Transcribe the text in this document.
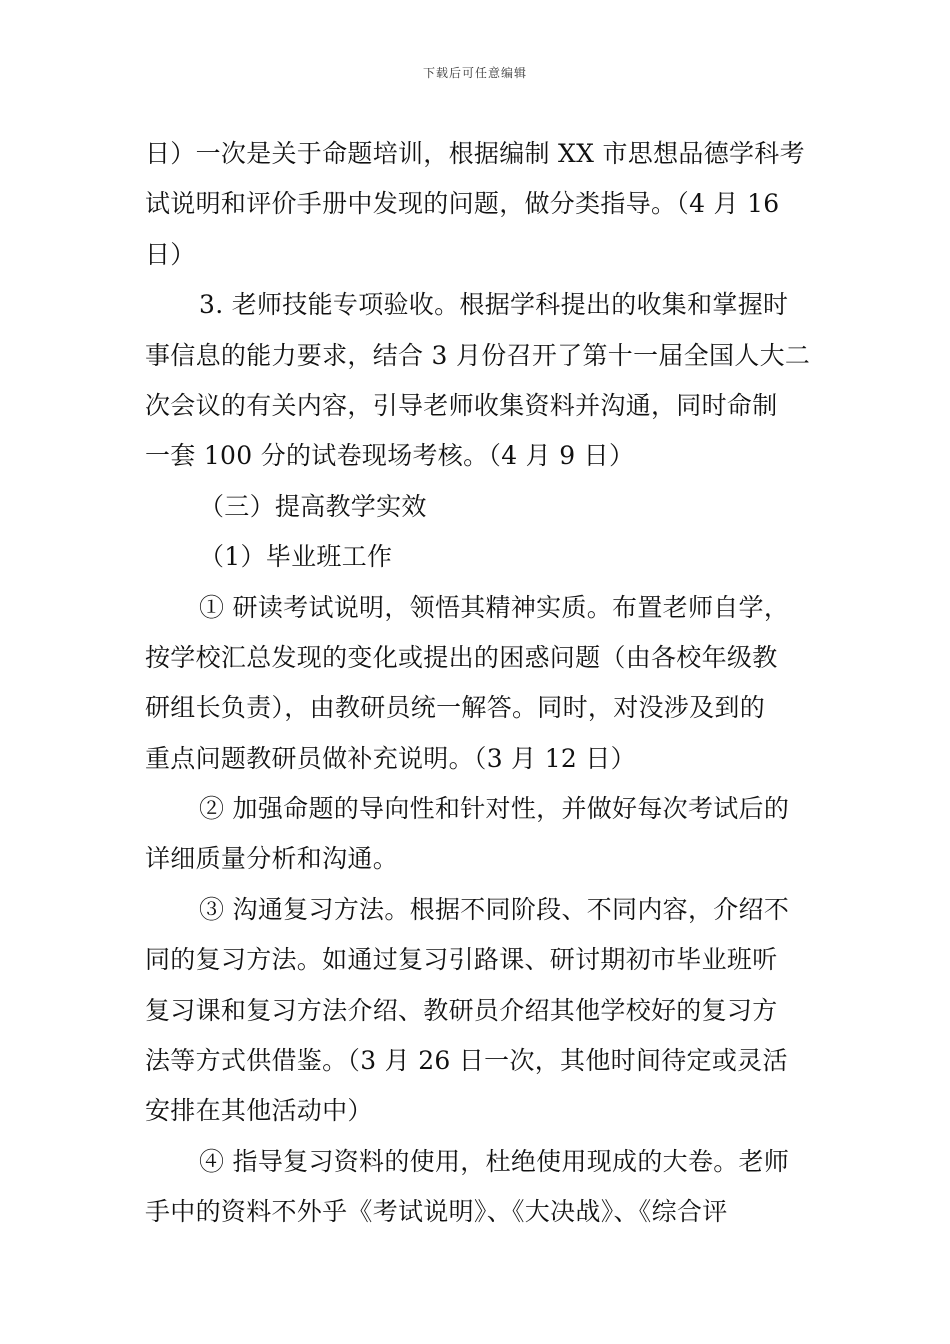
下载后可任意编辑
日）一次是关于命题培训，根据编制 XX 市思想品德学科考
试说明和评价手册中发现的问题，做分类指导。（4 月 16
日）
3. 老师技能专项验收。根据学科提出的收集和掌握时
事信息的能力要求，结合 3 月份召开了第十一届全国人大二
次会议的有关内容，引导老师收集资料并沟通，同时命制
一套 100 分的试卷现场考核。（4 月 9 日）
（三）提高教学实效
（1）毕业班工作
① 研读考试说明，领悟其精神实质。布置老师自学，
按学校汇总发现的变化或提出的困惑问题（由各校年级教
研组长负责），由教研员统一解答。同时，对没涉及到的
重点问题教研员做补充说明。（3 月 12 日）
② 加强命题的导向性和针对性，并做好每次考试后的
详细质量分析和沟通。
③ 沟通复习方法。根据不同阶段、不同内容，介绍不
同的复习方法。如通过复习引路课、研讨期初市毕业班听
复习课和复习方法介绍、教研员介绍其他学校好的复习方
法等方式供借鉴。（3 月 26 日一次，其他时间待定或灵活
安排在其他活动中）
④ 指导复习资料的使用，杜绝使用现成的大卷。老师
手中的资料不外乎《考试说明》、《大决战》、《综合评
